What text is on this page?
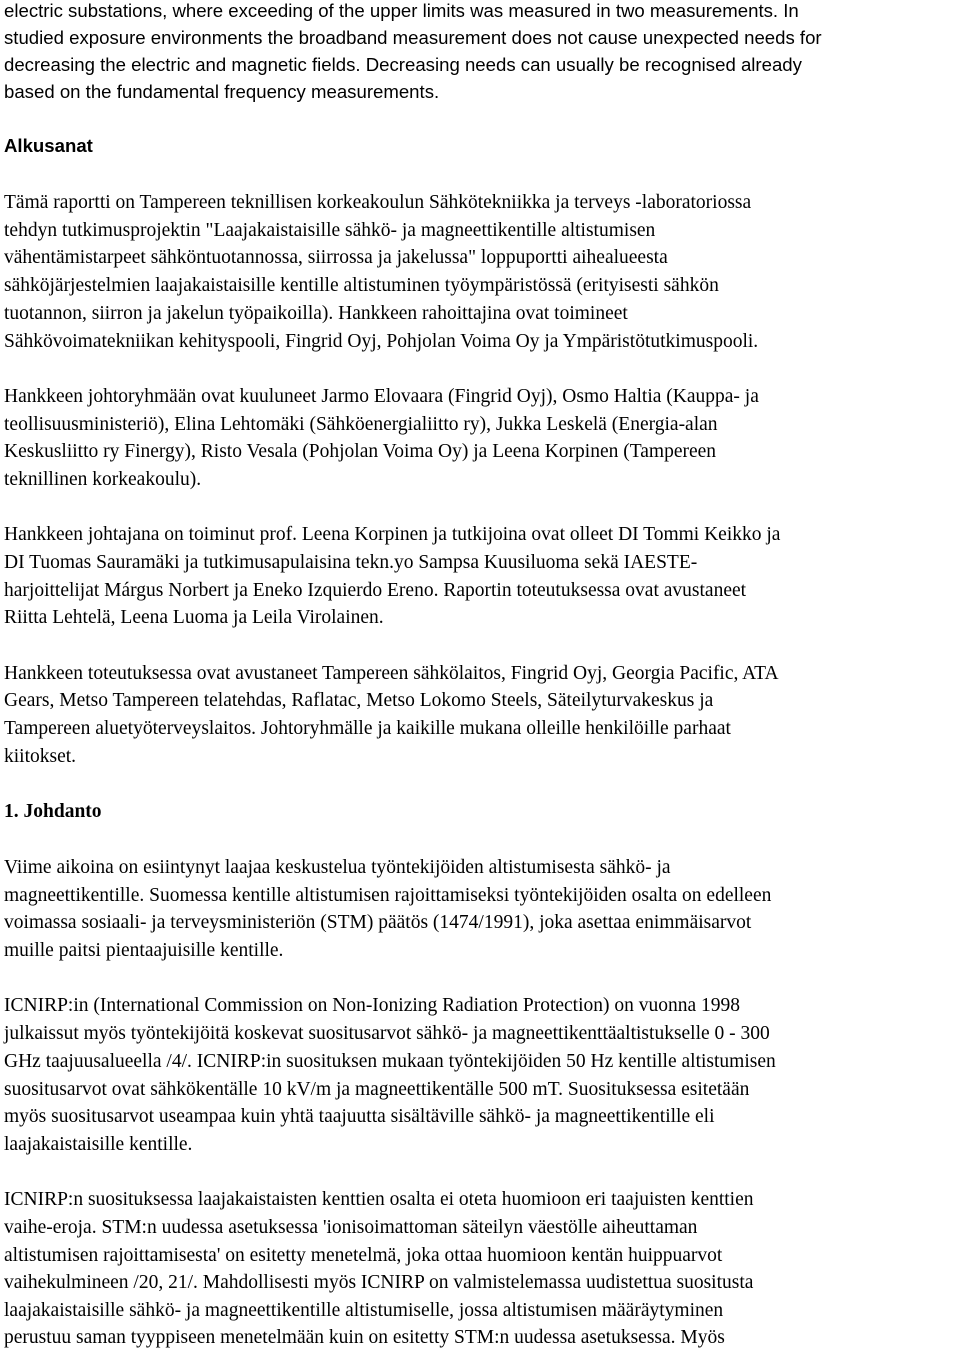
electric substations, where exceeding of the upper limits was measured in two measurements. In
studied exposure environments the broadband measurement does not cause unexpected needs for
decreasing the electric and magnetic fields. Decreasing needs can usually be recognised already
based on the fundamental frequency measurements.
Alkusanat
Tämä raportti on Tampereen teknillisen korkeakoulun Sähkötekniikka ja terveys -laboratoriossa
tehdyn tutkimusprojektin "Laajakaistaisille sähkö- ja magneettikentille altistumisen
vähentämistarpeet sähköntuotannossa, siirrossa ja jakelussa" loppuportti aihealueesta
sähköjärjestelmien laajakaistaisille kentille altistuminen työympäristössä (erityisesti sähkön
tuotannon, siirron ja jakelun työpaikoilla). Hankkeen rahoittajina ovat toimineet
Sähkövoimatekniikan kehityspooli, Fingrid Oyj, Pohjolan Voima Oy ja Ympäristötutkimuspooli.
Hankkeen johtoryhmään ovat kuuluneet Jarmo Elovaara (Fingrid Oyj), Osmo Haltia (Kauppa- ja
teollisuusministeriö), Elina Lehtomäki (Sähköenergialiitto ry), Jukka Leskelä (Energia-alan
Keskusliitto ry Finergy), Risto Vesala (Pohjolan Voima Oy) ja Leena Korpinen (Tampereen
teknillinen korkeakoulu).
Hankkeen johtajana on toiminut prof. Leena Korpinen ja tutkijoina ovat olleet DI Tommi Keikko ja
DI Tuomas Sauramäki ja tutkimusapulaisina tekn.yo Sampsa Kuusiluoma sekä IAESTE-
harjoittelijat Márgus Norbert ja Eneko Izquierdo Ereno. Raportin toteutuksessa ovat avustaneet
Riitta Lehtelä, Leena Luoma ja Leila Virolainen.
Hankkeen toteutuksessa ovat avustaneet Tampereen sähkölaitos, Fingrid Oyj, Georgia Pacific, ATA
Gears, Metso Tampereen telatehdas, Raflatac, Metso Lokomo Steels, Säteilyturvakeskus ja
Tampereen aluetyöterveyslaitos. Johtoryhmälle ja kaikille mukana olleille henkilöille parhaat
kiitokset.
1. Johdanto
Viime aikoina on esiintynyt laajaa keskustelua työntekijöiden altistumisesta sähkö- ja
magneettikentille. Suomessa kentille altistumisen rajoittamiseksi työntekijöiden osalta on edelleen
voimassa sosiaali- ja terveysministeriön (STM) päätös (1474/1991), joka asettaa enimmäisarvot
muille paitsi pientaajuisille kentille.
ICNIRP:in (International Commission on Non-Ionizing Radiation Protection) on vuonna 1998
julkaissut myös työntekijöitä koskevat suositusarvot sähkö- ja magneettikenttäaltistukselle 0 - 300
GHz taajuusalueella /4/. ICNIRP:in suosituksen mukaan työntekijöiden 50 Hz kentille altistumisen
suositusarvot ovat sähkökentälle 10 kV/m ja magneettikentälle 500 mT. Suosituksessa esitetään
myös suositusarvot useampaa kuin yhtä taajuutta sisältäville sähkö- ja magneettikentille eli
laajakaistaisille kentille.
ICNIRP:n suosituksessa laajakaistaisten kenttien osalta ei oteta huomioon eri taajuisten kenttien
vaihe-eroja. STM:n uudessa asetuksessa 'ionisoimattoman säteilyn väestölle aiheuttaman
altistumisen rajoittamisesta' on esitetty menetelmä, joka ottaa huomioon kentän huippuarvot
vaihekulmineen /20, 21/. Mahdollisesti myös ICNIRP on valmistelemassa uudistettua suositusta
laajakaistaisille sähkö- ja magneettikentille altistumiselle, jossa altistumisen määräytyminen
perustuu saman tyyppiseen menetelmään kuin on esitetty STM:n uudessa asetuksessa. Myös
